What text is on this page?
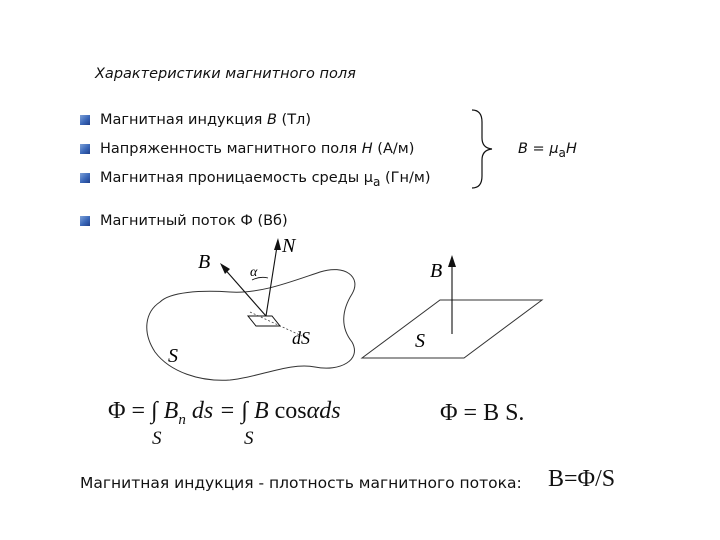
Характеристики магнитного поля
Магнитная индукция B (Тл)
Напряженность магнитного поля H (А/м)
Магнитная проницаемость среды $\mu_а$ (Гн/м)
Магнитный поток Ф (Вб)
$B = \mu_аH$
B
N
α
dS
S
B
S
Φ = ∫ $B_n$ ds = ∫ B cosαds
S	S
Φ = B S.
Магнитная индукция - плотность магнитного потока: B=Φ/S
